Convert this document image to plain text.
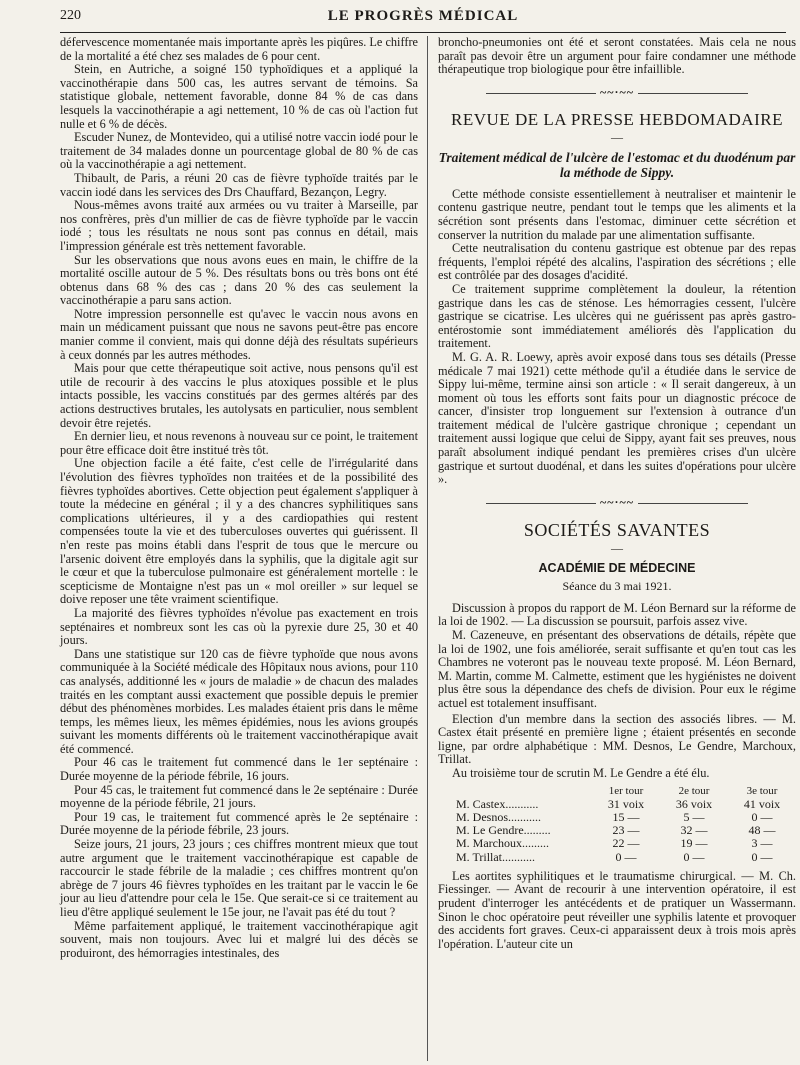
220	LE PROGRÈS MÉDICAL

défervescence momentanée mais importante après les piqûres. Le chiffre de la mortalité a été chez ses malades de 6 pour cent.

Stein, en Autriche, a soigné 150 typhoïdiques et a appliqué la vaccinothérapie dans 500 cas, les autres servant de témoins. Sa statistique globale, nettement favorable, donne 84 % de cas dans lesquels la vaccinothérapie a agi nettement, 10 % de cas où l'action fut nulle et 6 % de décès.

Escuder Nunez, de Montevideo, qui a utilisé notre vaccin iodé pour le traitement de 34 malades donne un pourcentage global de 80 % de cas où la vaccinothérapie a agi nettement.

Thibault, de Paris, a réuni 20 cas de fièvre typhoïde traités par le vaccin iodé dans les services des Drs Chauffard, Bezançon, Legry.

Nous-mêmes avons traité aux armées ou vu traiter à Marseille, par nos confrères, près d'un millier de cas de fièvre typhoïde par le vaccin iodé ; tous les résultats ne nous sont pas connus en détail, mais l'impression générale est très nettement favorable.

Sur les observations que nous avons eues en main, le chiffre de la mortalité oscille autour de 5 %. Des résultats bons ou très bons ont été obtenus dans 68 % des cas ; dans 20 % des cas seulement la vaccinothérapie a paru sans action.

Notre impression personnelle est qu'avec le vaccin nous avons en main un médicament puissant que nous ne savons peut-être pas encore manier comme il convient, mais qui donne déjà des résultats supérieurs à ceux donnés par les autres méthodes.

Mais pour que cette thérapeutique soit active, nous pensons qu'il est utile de recourir à des vaccins le plus atoxiques possible et le plus intacts possible, les vaccins constitués par des germes altérés par des actions destructives brutales, les autolysats en particulier, nous semblent devoir être rejetés.

En dernier lieu, et nous revenons à nouveau sur ce point, le traitement pour être efficace doit être institué très tôt.

Une objection facile a été faite, c'est celle de l'irrégularité dans l'évolution des fièvres typhoïdes non traitées et de la possibilité des fièvres typhoïdes abortives. Cette objection peut également s'appliquer à toute la médecine en général ; il y a des chancres syphilitiques sans complications ultérieures, il y a des cardiopathies qui restent compensées toute la vie et des tuberculoses ouvertes qui guérissent. Il n'en reste pas moins établi dans l'esprit de tous que le mercure ou l'arsenic doivent être employés dans la syphilis, que la digitale agit sur le cœur et que la tuberculose pulmonaire est généralement mortelle : le scepticisme de Montaigne n'est pas un « mol oreiller » sur lequel se doive reposer une tête vraiment scientifique.

La majorité des fièvres typhoïdes n'évolue pas exactement en trois septénaires et nombreux sont les cas où la pyrexie dure 25, 30 et 40 jours.

Dans une statistique sur 120 cas de fièvre typhoïde que nous avons communiquée à la Société médicale des Hôpitaux nous avions, pour 110 cas analysés, additionné les « jours de maladie » de chacun des malades traités en les comptant aussi exactement que possible depuis le premier début des phénomènes morbides. Les malades étaient pris dans le même temps, les mêmes lieux, les mêmes épidémies, nous les avions groupés suivant les moments différents où le traitement vaccinothérapique avait été commencé.

Pour 46 cas le traitement fut commencé dans le 1er septénaire : Durée moyenne de la période fébrile, 16 jours.

Pour 45 cas, le traitement fut commencé dans le 2e septénaire : Durée moyenne de la période fébrile, 21 jours.

Pour 19 cas, le traitement fut commencé après le 2e septénaire : Durée moyenne de la période fébrile, 23 jours.

Seize jours, 21 jours, 23 jours ; ces chiffres montrent mieux que tout autre argument que le traitement vaccinothérapique est capable de raccourcir le stade fébrile de la maladie ; ces chiffres montrent qu'on abrège de 7 jours 46 fièvres typhoïdes en les traitant par le vaccin le 6e jour au lieu d'attendre pour cela le 15e. Que serait-ce si ce traitement au lieu d'être appliqué seulement le 15e jour, ne l'avait pas été du tout ?

Même parfaitement appliqué, le traitement vaccinothérapique agit souvent, mais non toujours. Avec lui et malgré lui des décès se produiront, des hémorragies intestinales, des

broncho-pneumonies ont été et seront constatées. Mais cela ne nous paraît pas devoir être un argument pour faire condamner une méthode thérapeutique trop biologique pour être infaillible.

~~·~~
REVUE DE LA PRESSE HEBDOMADAIRE
—
Traitement médical de l'ulcère de l'estomac et du duodénum par la méthode de Sippy.

Cette méthode consiste essentiellement à neutraliser et maintenir le contenu gastrique neutre, pendant tout le temps que les aliments et la sécrétion sont présents dans l'estomac, diminuer cette sécrétion et conserver la nutrition du malade par une alimentation suffisante.

Cette neutralisation du contenu gastrique est obtenue par des repas fréquents, l'emploi répété des alcalins, l'aspiration des sécrétions ; elle est contrôlée par des dosages d'acidité.

Ce traitement supprime complètement la douleur, la rétention gastrique dans les cas de sténose. Les hémorragies cessent, l'ulcère gastrique se cicatrise. Les ulcères qui ne guérissent pas après gastro-entérostomie sont immédiatement améliorés dès l'application du traitement.

M. G. A. R. Loewy, après avoir exposé dans tous ses détails (Presse médicale 7 mai 1921) cette méthode qu'il a étudiée dans le service de Sippy lui-même, termine ainsi son article : « Il serait dangereux, à un moment où tous les efforts sont faits pour un diagnostic précoce de cancer, d'insister trop longuement sur l'extension à outrance d'un traitement médical de l'ulcère gastrique chronique ; cependant un traitement aussi logique que celui de Sippy, ayant fait ses preuves, nous paraît absolument indiqué pendant les premières crises d'un ulcère gastrique et surtout duodénal, et dans les suites d'opérations pour ulcère ».

~~·~~
SOCIÉTÉS SAVANTES
—
ACADÉMIE DE MÉDECINE
Séance du 3 mai 1921.

Discussion à propos du rapport de M. Léon Bernard sur la réforme de la loi de 1902. — La discussion se poursuit, parfois assez vive.

M. Cazeneuve, en présentant des observations de détails, répète que la loi de 1902, une fois améliorée, serait suffisante et qu'en tout cas les Chambres ne voteront pas le nouveau texte proposé. M. Léon Bernard, M. Martin, comme M. Calmette, estiment que les hygiénistes ne doivent plus être sous la dépendance des chefs de division. Pour eux le régime actuel est totalement insuffisant.

Election d'un membre dans la section des associés libres. — M. Castex était présenté en première ligne ; étaient présentés en seconde ligne, par ordre alphabétique : MM. Desnos, Le Gendre, Marchoux, Trillat.

Au troisième tour de scrutin M. Le Gendre a été élu.

	1er tour	2e tour	3e tour
M. Castex...........	31 voix	36 voix	41 voix
M. Desnos...........	15 —	5 —	0 —
M. Le Gendre.........	23 —	32 —	48 —
M. Marchoux.........	22 —	19 —	3 —
M. Trillat...........	0 —	0 —	0 —

Les aortites syphilitiques et le traumatisme chirurgical. — M. Ch. Fiessinger. — Avant de recourir à une intervention opératoire, il est prudent d'interroger les antécédents et de pratiquer un Wassermann. Sinon le choc opératoire peut réveiller une syphilis latente et provoquer des accidents fort graves. Ceux-ci apparaissent deux à trois mois après l'opération. L'auteur cite un
